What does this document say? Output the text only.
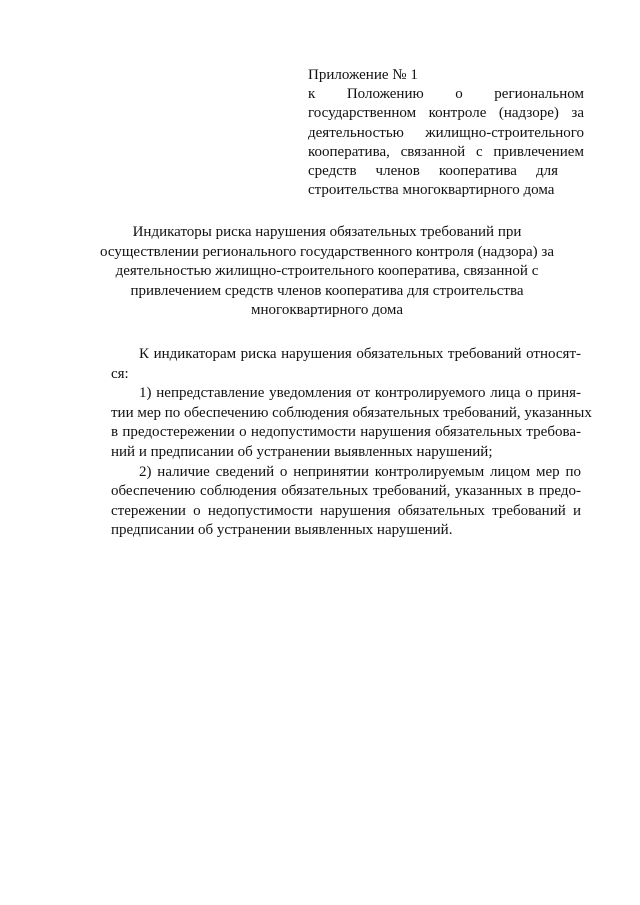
Приложение № 1
к Положению о региональном
государственном контроле (надзоре) за
деятельностью жилищно-строительного
кооператива, связанной с привлечением
средств членов кооператива для
строительства многоквартирного дома
Индикаторы риска нарушения обязательных требований при
осуществлении регионального государственного контроля (надзора) за
деятельностью жилищно-строительного кооператива, связанной с
привлечением средств членов кооператива для строительства
многоквартирного дома
К индикаторам риска нарушения обязательных требований относят-
ся:
1) непредставление уведомления от контролируемого лица о приня-
тии мер по обеспечению соблюдения обязательных требований, указанных
в предостережении о недопустимости нарушения обязательных требова-
ний и предписании об устранении выявленных нарушений;
2) наличие сведений о непринятии контролируемым лицом мер по
обеспечению соблюдения обязательных требований, указанных в предо-
стережении о недопустимости нарушения обязательных требований и
предписании об устранении выявленных нарушений.
